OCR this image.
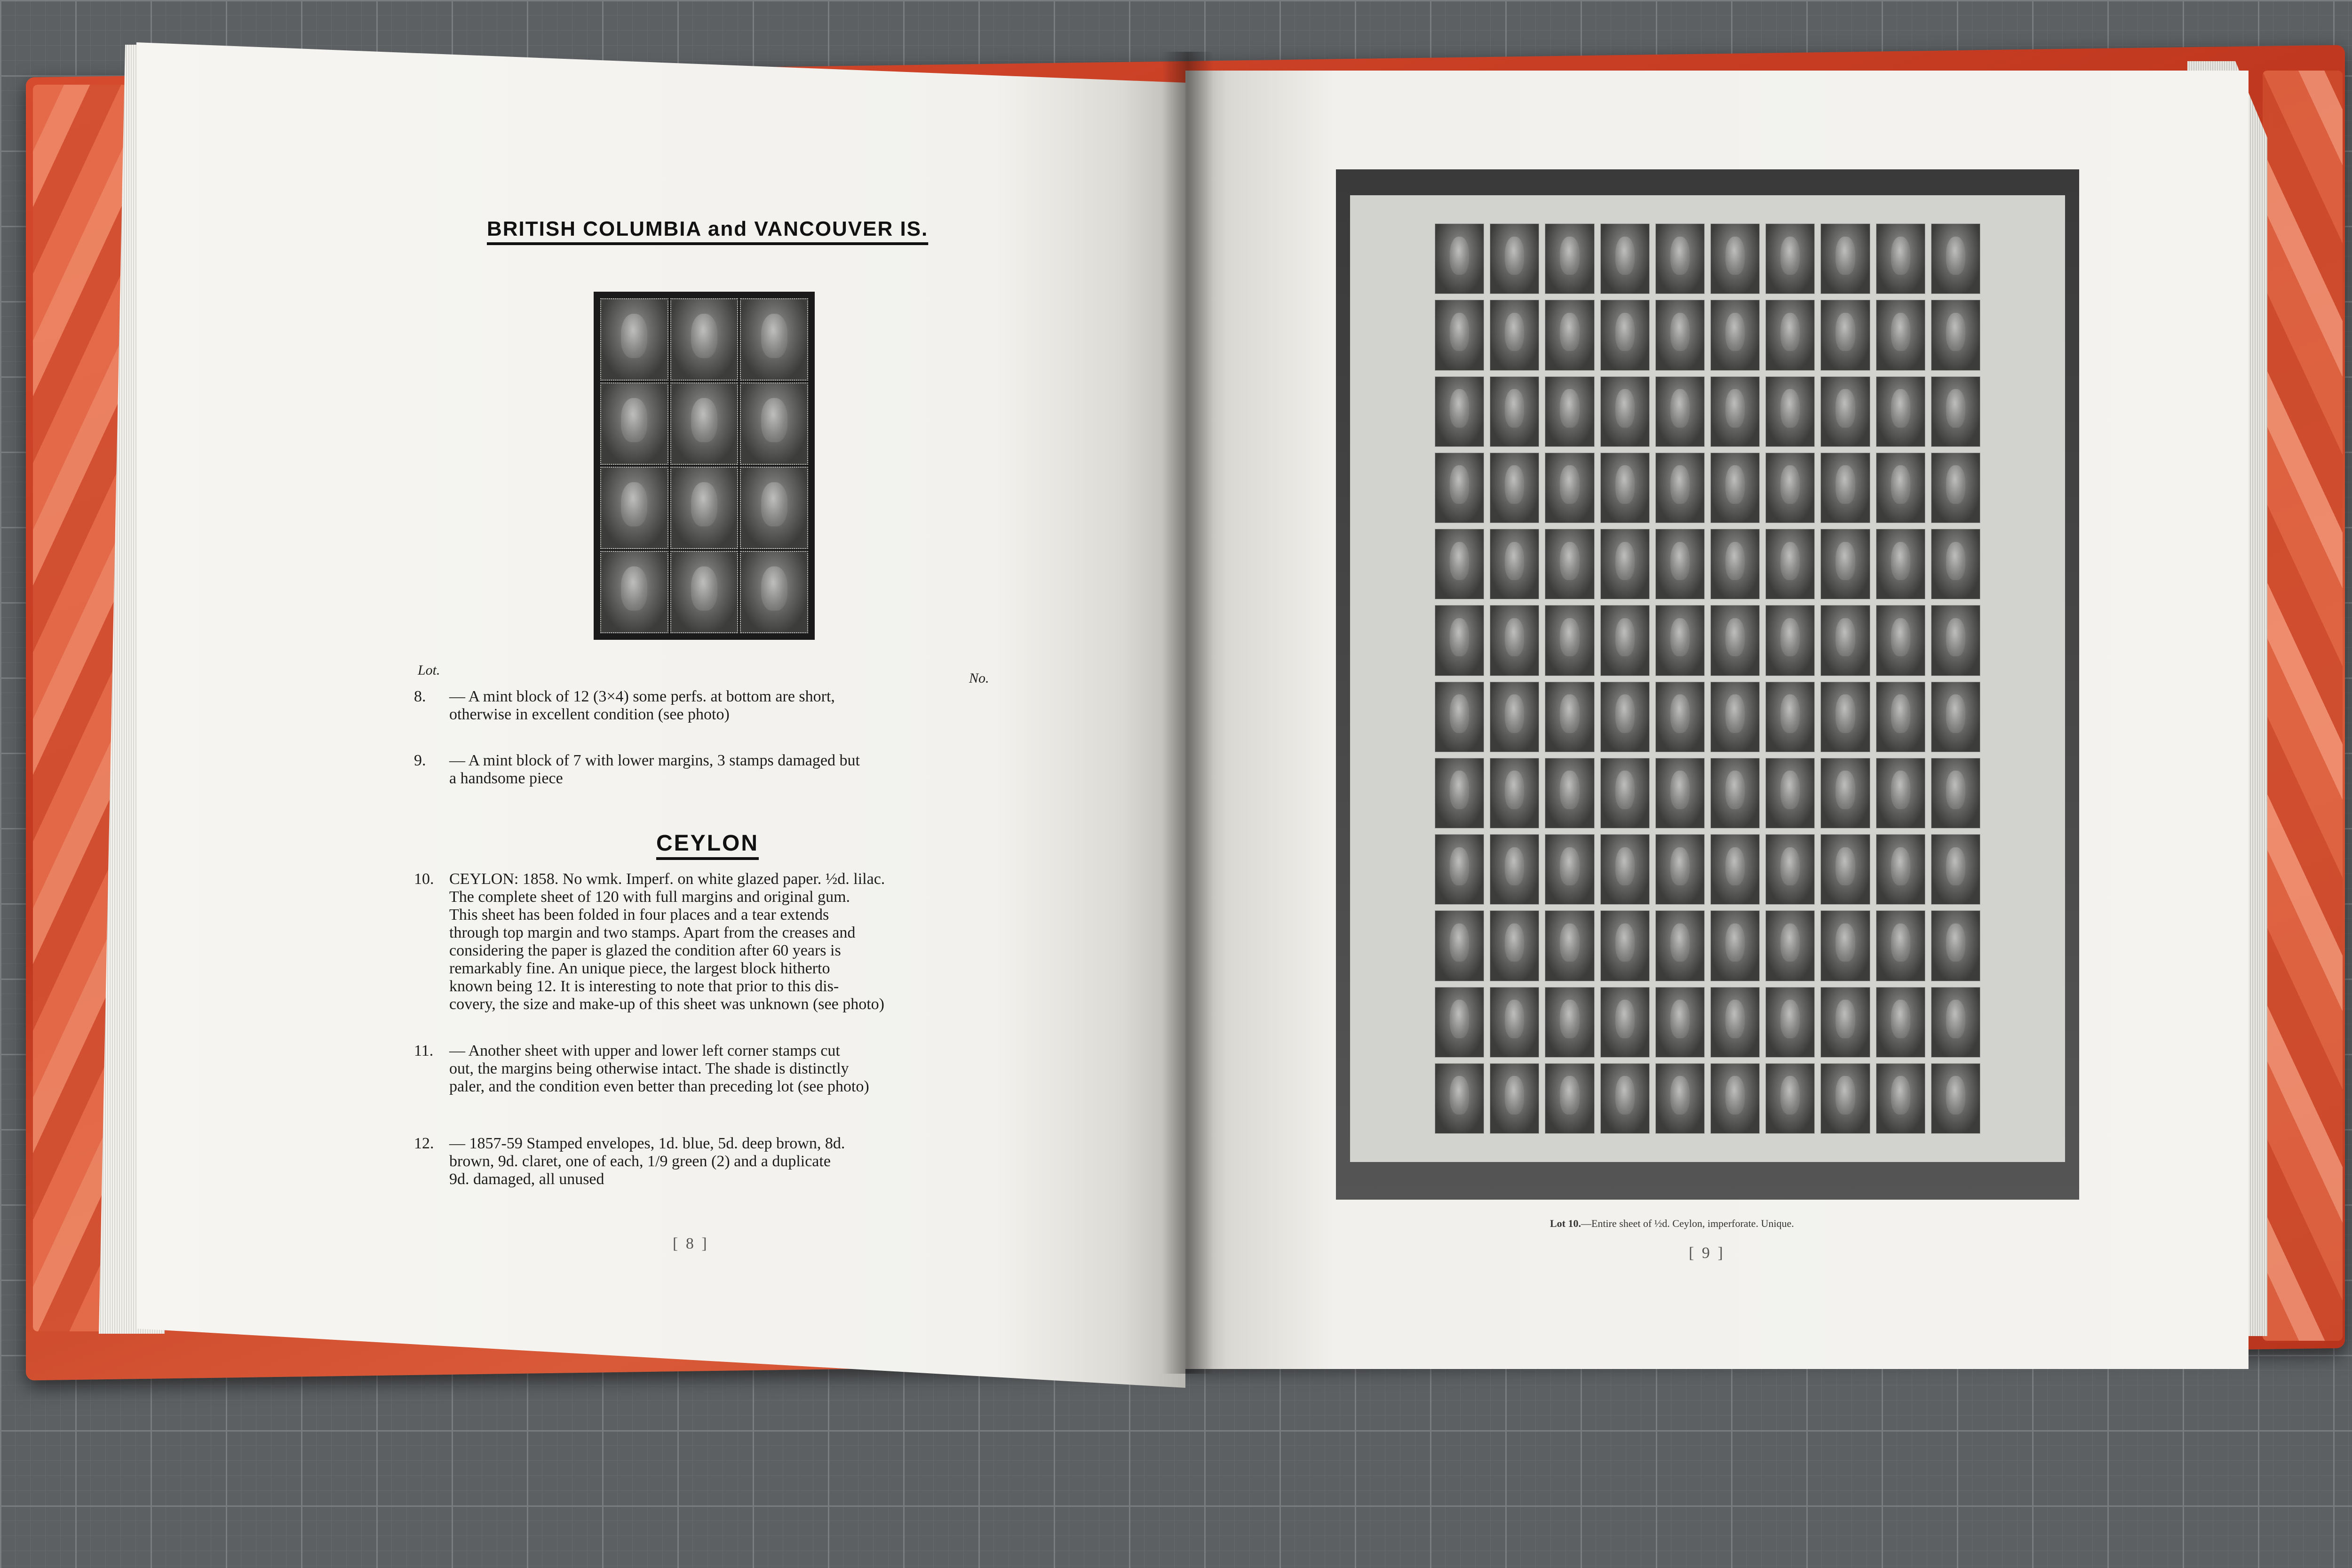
BRITISH COLUMBIA and VANCOUVER IS.
Lot.
No.
8. — A mint block of 12 (3×4) some perfs. at bottom are short,
otherwise in excellent condition (see photo)
9. — A mint block of 7 with lower margins, 3 stamps damaged but
a handsome piece
CEYLON
10. CEYLON: 1858. No wmk. Imperf. on white glazed paper. ½d. lilac.
The complete sheet of 120 with full margins and original gum.
This sheet has been folded in four places and a tear extends
through top margin and two stamps. Apart from the creases and
considering the paper is glazed the condition after 60 years is
remarkably fine. An unique piece, the largest block hitherto
known being 12. It is interesting to note that prior to this dis-
covery, the size and make-up of this sheet was unknown (see photo)
11. — Another sheet with upper and lower left corner stamps cut
out, the margins being otherwise intact. The shade is distinctly
paler, and the condition even better than preceding lot (see photo)
12. — 1857-59 Stamped envelopes, 1d. blue, 5d. deep brown, 8d.
brown, 9d. claret, one of each, 1/9 green (2) and a duplicate
9d. damaged, all unused
[ 8 ]
Lot 10.—Entire sheet of ½d. Ceylon, imperforate. Unique.
[ 9 ]
